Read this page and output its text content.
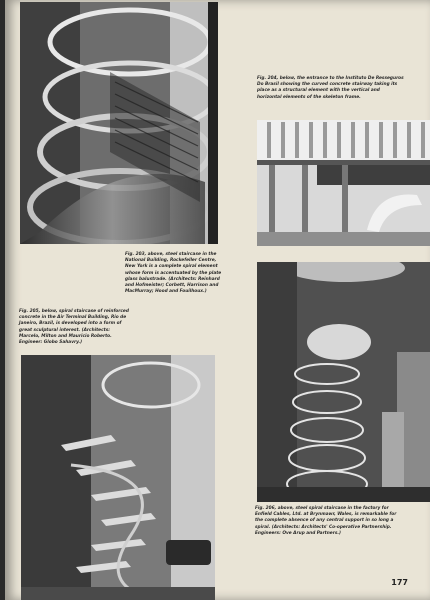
Fig. 204, below, the entrance to the Instituto De Resseguros Do Brasil showing the curved concrete stairway taking its place as a structural element with the vertical and horizontal elements of the skeleton frame.

Fig. 203, above, steel staircase in the National Building, Rockefeller Centre, New York is a complete spiral element whose form is accentuated by the plate glass balustrade. (Architects: Reinhard and Hofmeister; Corbett, Harrison and MacMurray; Hood and Fouilhoux.)

Fig. 205, below, spiral staircase of reinforced concrete in the Air Terminal Building, Rio de Janeiro, Brazil, is developed into a form of great sculptural interest. (Architects: Marcelo, Milton and Mauricio Roberto. Engineer: Globo Sahavry.)

Fig. 206, above, steel spiral staircase in the factory for Enfield Cables, Ltd. at Brynmawr, Wales, is remarkable for the complete absence of any central support in so long a spiral. (Architects: Architects' Co-operative Partnership. Engineers: Ove Arup and Partners.)

177
